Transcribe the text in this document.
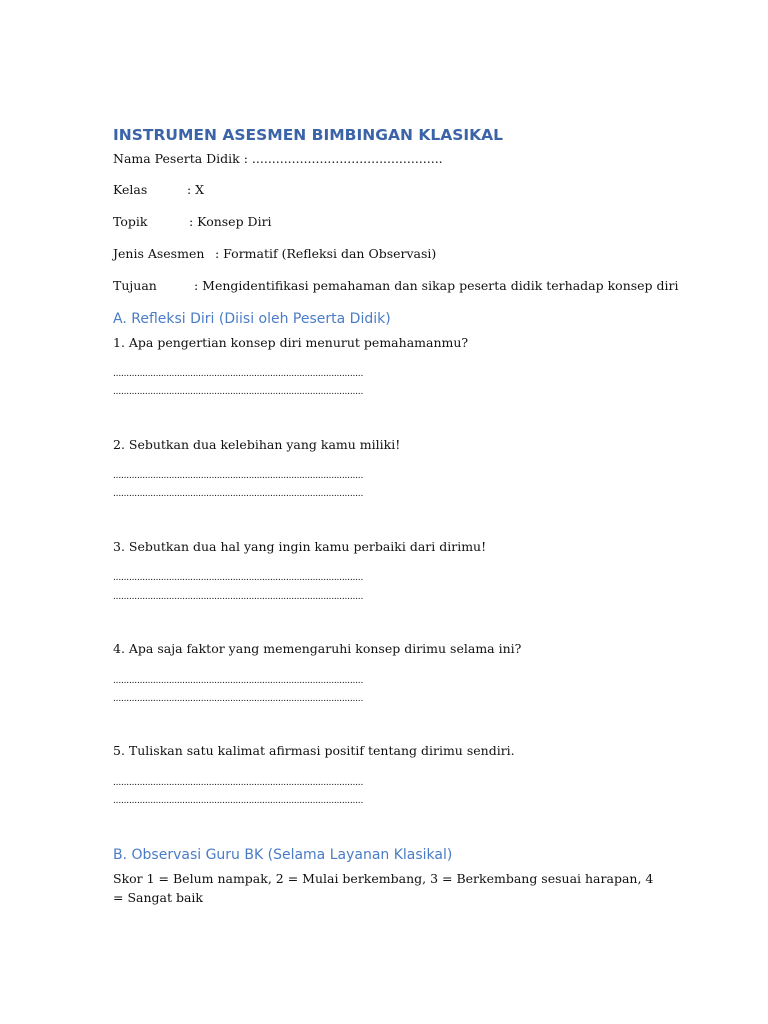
INSTRUMEN ASESMEN BIMBINGAN KLASIKAL
Nama Peserta Didik : ................................................
Kelas	: X
Topik	: Konsep Diri
Jenis Asesmen : Formatif (Refleksi dan Observasi)
Tujuan	: Mengidentifikasi pemahaman dan sikap peserta didik terhadap konsep diri
A. Refleksi Diri (Diisi oleh Peserta Didik)
1. Apa pengertian konsep diri menurut pemahamanmu?
..............................................................................................
..............................................................................................
2. Sebutkan dua kelebihan yang kamu miliki!
..............................................................................................
..............................................................................................
3. Sebutkan dua hal yang ingin kamu perbaiki dari dirimu!
..............................................................................................
..............................................................................................
4. Apa saja faktor yang memengaruhi konsep dirimu selama ini?
..............................................................................................
..............................................................................................
5. Tuliskan satu kalimat afirmasi positif tentang dirimu sendiri.
..............................................................................................
..............................................................................................
B. Observasi Guru BK (Selama Layanan Klasikal)
Skor 1 = Belum nampak, 2 = Mulai berkembang, 3 = Berkembang sesuai harapan, 4 = Sangat baik
